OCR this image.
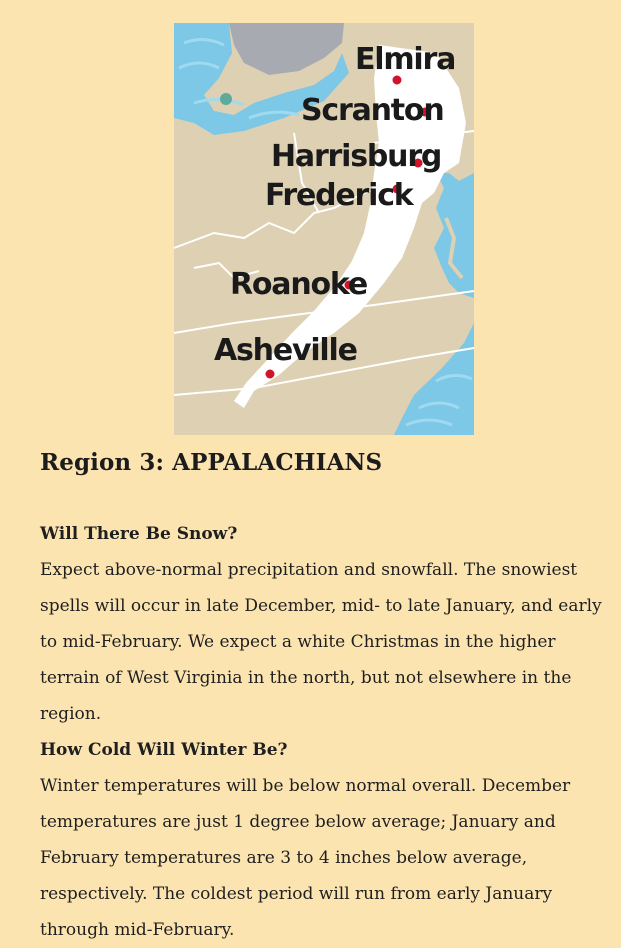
Elmira
Scranton
Harrisburg
Frederick
Roanoke
Asheville
Region 3: APPALACHIANS
Will There Be Snow?

Expect above-normal precipitation and snowfall. The snowiest spells will occur in late December, mid- to late January, and early to mid-February. We expect a white Christmas in the higher terrain of West Virginia in the north, but not elsewhere in the region.

How Cold Will Winter Be?

Winter temperatures will be below normal overall. December temperatures are just 1 degree below average; January and February temperatures are 3 to 4 inches below average, respectively. The coldest period will run from early January through mid-February.
